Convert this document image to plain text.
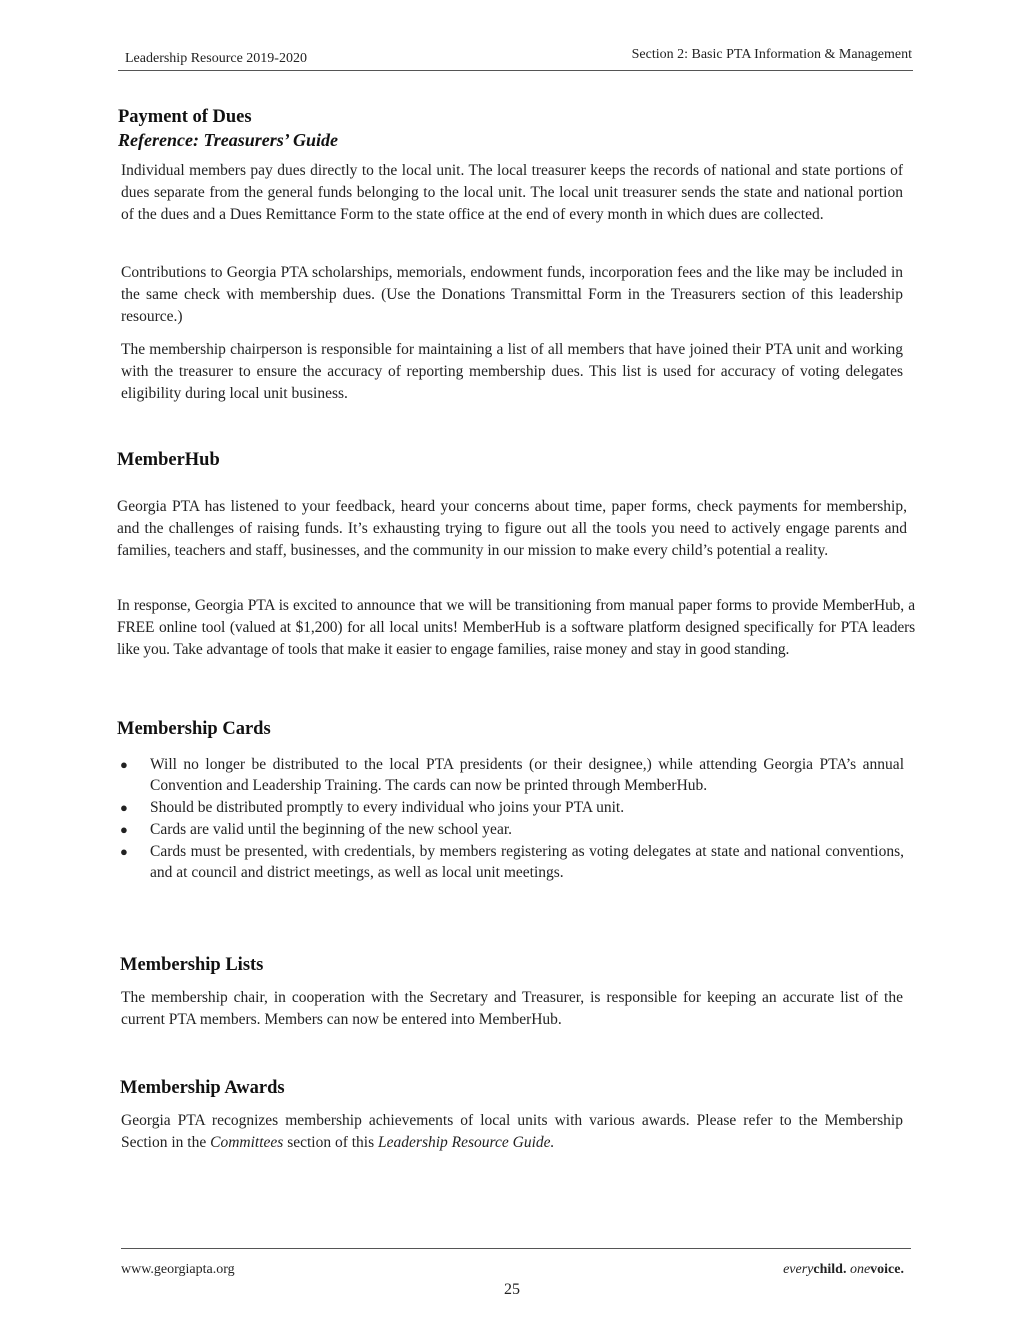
Leadership Resource 2019-2020	Section 2: Basic PTA Information & Management
Payment of Dues
Reference: Treasurers’ Guide

Individual members pay dues directly to the local unit. The local treasurer keeps the records of national and state portions of dues separate from the general funds belonging to the local unit. The local unit treasurer sends the state and national portion of the dues and a Dues Remittance Form to the state office at the end of every month in which dues are collected.

Contributions to Georgia PTA scholarships, memorials, endowment funds, incorporation fees and the like may be included in the same check with membership dues. (Use the Donations Transmittal Form in the Treasurers section of this leadership resource.)

The membership chairperson is responsible for maintaining a list of all members that have joined their PTA unit and working with the treasurer to ensure the accuracy of reporting membership dues. This list is used for accuracy of voting delegates eligibility during local unit business.

MemberHub

Georgia PTA has listened to your feedback, heard your concerns about time, paper forms, check payments for membership, and the challenges of raising funds. It’s exhausting trying to figure out all the tools you need to actively engage parents and families, teachers and staff, businesses, and the community in our mission to make every child’s potential a reality.

In response, Georgia PTA is excited to announce that we will be transitioning from manual paper forms to provide MemberHub, a FREE online tool (valued at $1,200) for all local units! MemberHub is a software platform designed specifically for PTA leaders like you. Take advantage of tools that make it easier to engage families, raise money and stay in good standing.

Membership Cards
● Will no longer be distributed to the local PTA presidents (or their designee,) while attending Georgia PTA’s annual Convention and Leadership Training. The cards can now be printed through MemberHub.
● Should be distributed promptly to every individual who joins your PTA unit.
● Cards are valid until the beginning of the new school year.
● Cards must be presented, with credentials, by members registering as voting delegates at state and national conventions, and at council and district meetings, as well as local unit meetings.
Membership Lists

The membership chair, in cooperation with the Secretary and Treasurer, is responsible for keeping an accurate list of the current PTA members. Members can now be entered into MemberHub.

Membership Awards

Georgia PTA recognizes membership achievements of local units with various awards. Please refer to the Membership Section in the Committees section of this Leadership Resource Guide.

www.georgiapta.org	everychild. onevoice.
25
